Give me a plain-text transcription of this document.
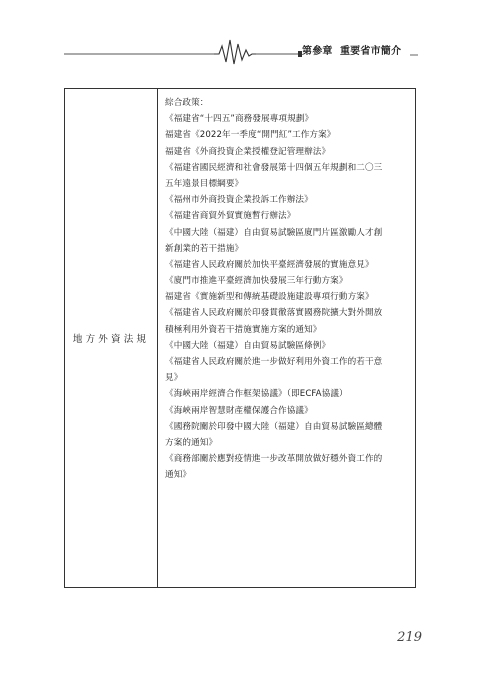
第參章 重要省市簡介
地方外資法規
綜合政策：
《福建省“十四五”商務發展專項規劃》
福建省《2022年一季度“開門紅”工作方案》
福建省《外商投資企業授權登記管理辦法》
《福建省國民經濟和社會發展第十四個五年規劃和二〇三
五年遠景目標綱要》
《福州市外商投資企業投訴工作辦法》
《福建省商貿外貿實施暫行辦法》
《中國大陸（福建）自由貿易試驗區廈門片區激勵人才創
新創業的若干措施》
《福建省人民政府關於加快平臺經濟發展的實施意見》
《廈門市推進平臺經濟加快發展三年行動方案》
福建省《實施新型和傳統基礎設施建設專項行動方案》
《福建省人民政府關於印發貫徹落實國務院擴大對外開放
積極利用外資若干措施實施方案的通知》
《中國大陸（福建）自由貿易試驗區條例》
《福建省人民政府關於進一步做好利用外資工作的若干意
見》
《海峽兩岸經濟合作框架協議》（即ECFA協議）
《海峽兩岸智慧財產權保護合作協議》
《國務院關於印發中國大陸（福建）自由貿易試驗區總體
方案的通知》
《商務部關於應對疫情進一步改革開放做好穩外資工作的
通知》
219
